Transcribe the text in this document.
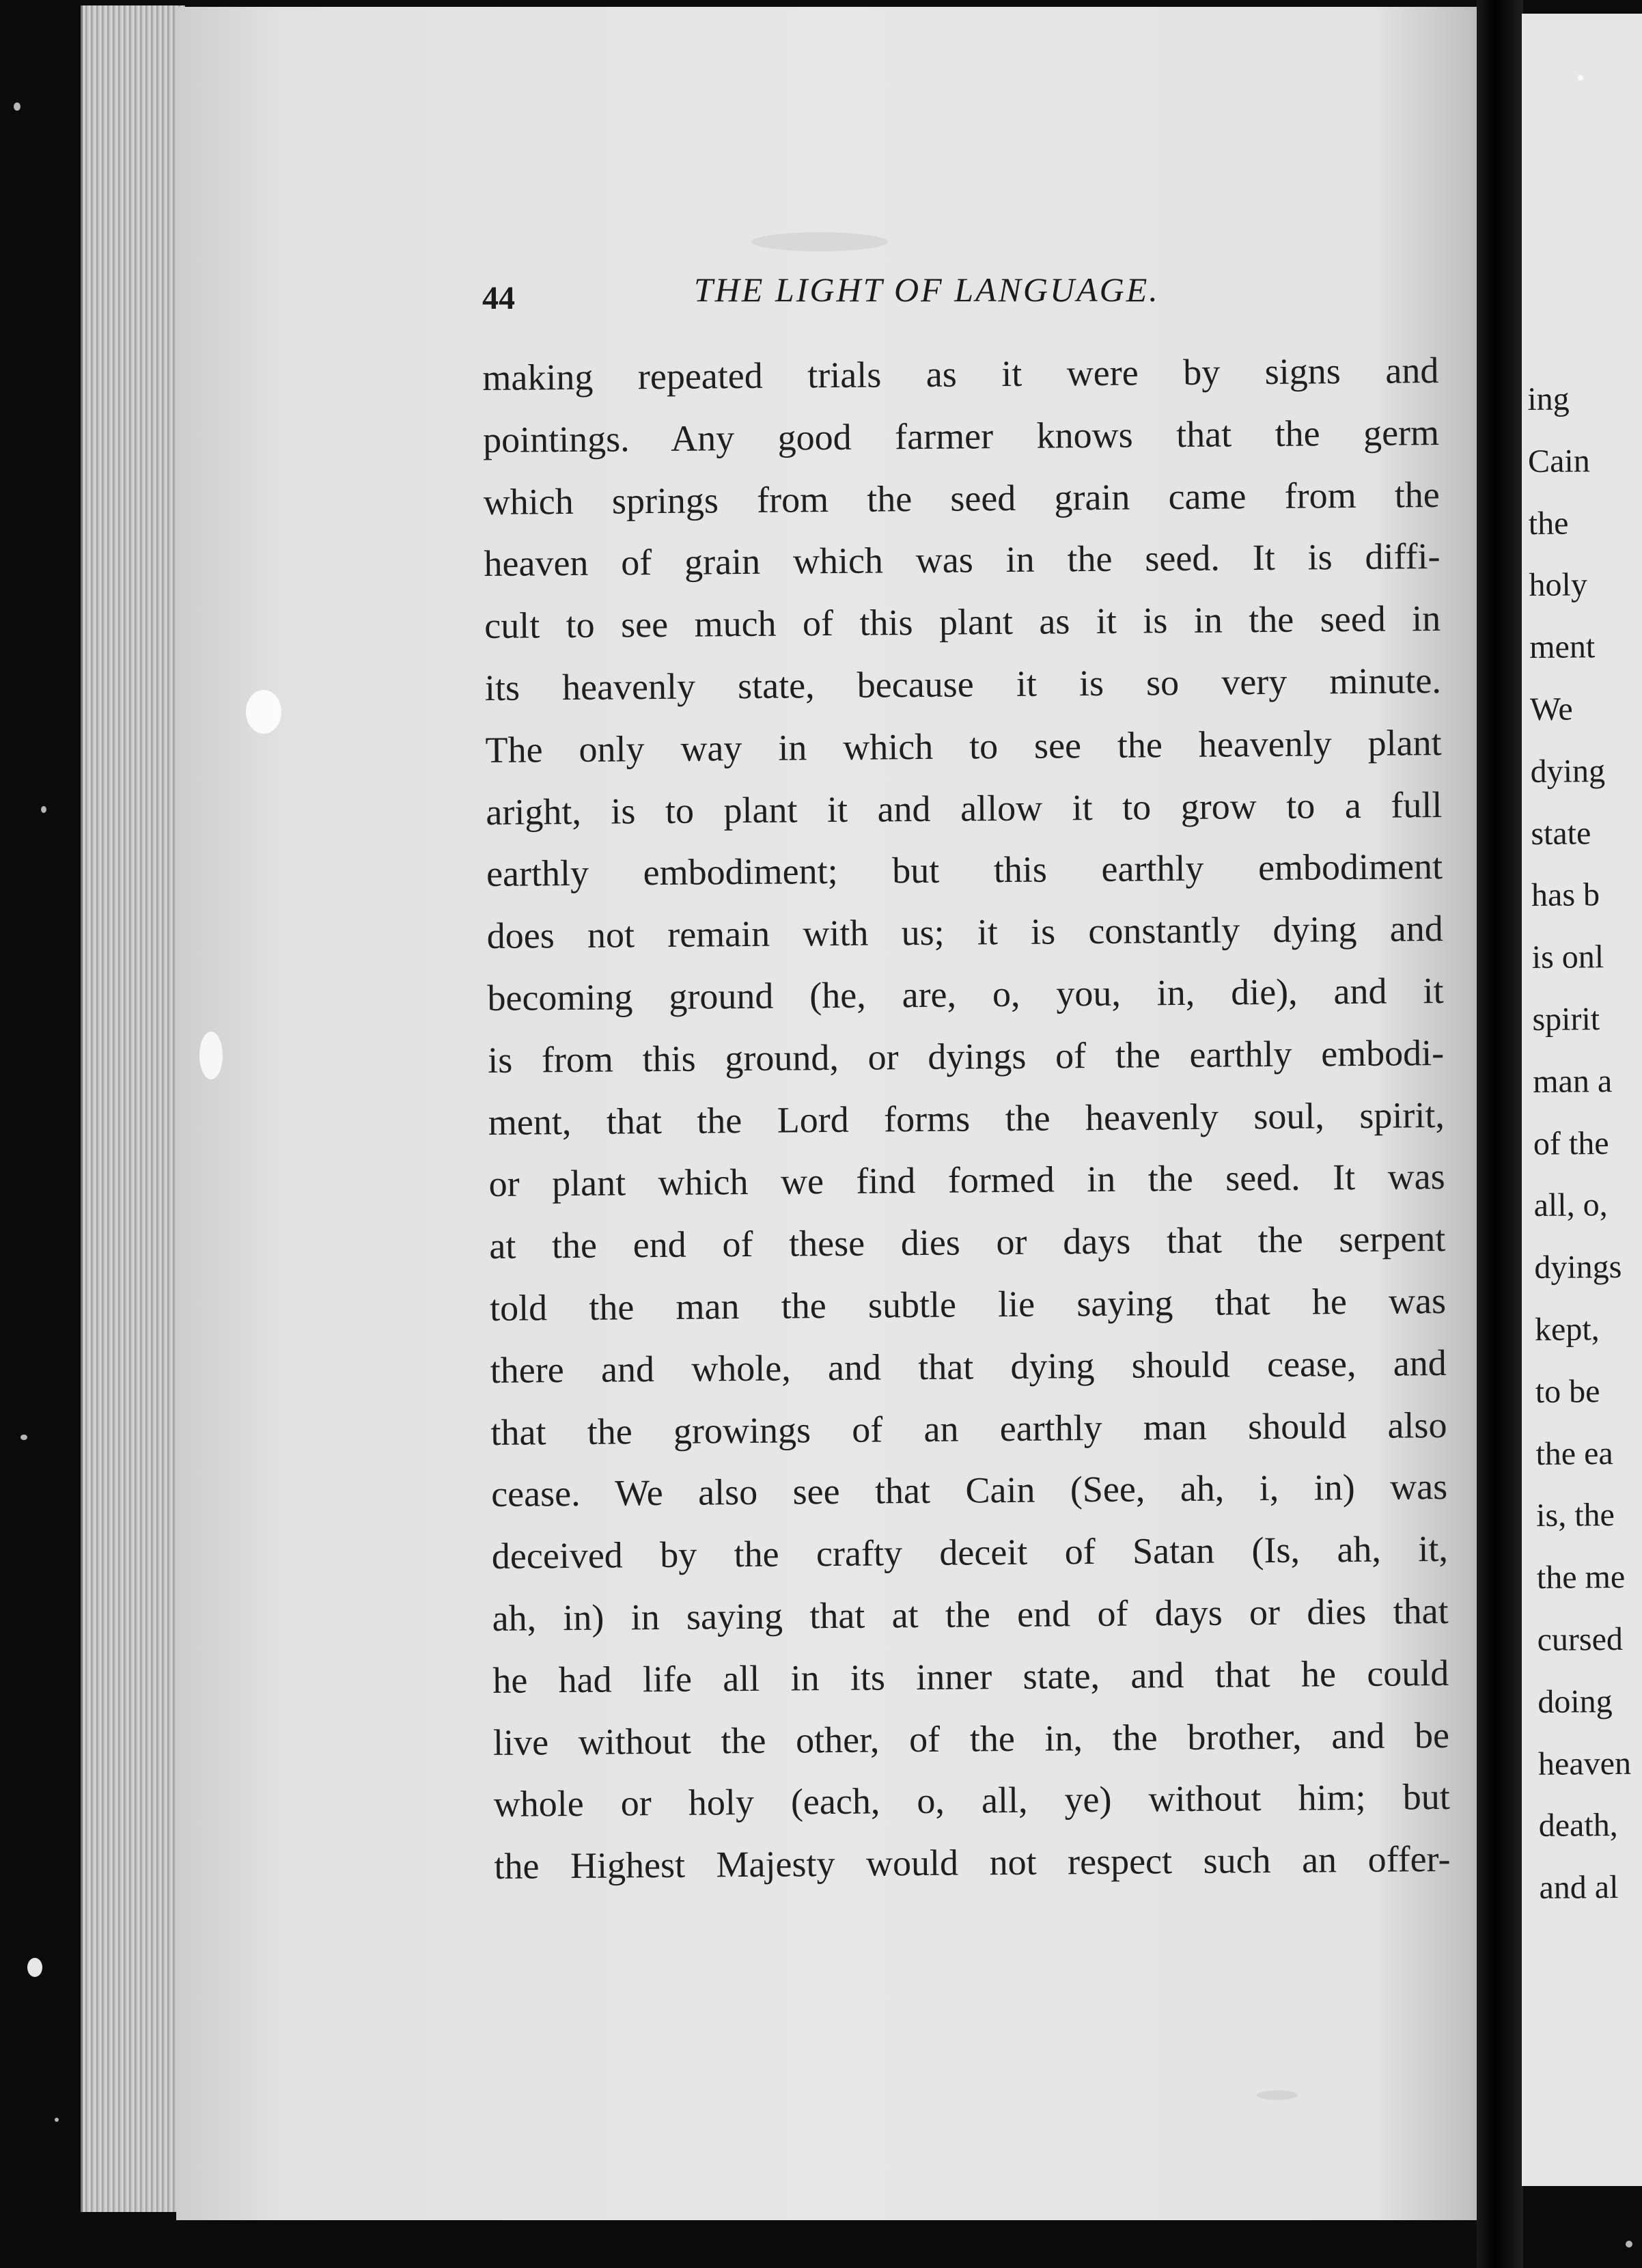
44	THE LIGHT OF LANGUAGE.
making repeated trials as it were by signs and
pointings. Any good farmer knows that the germ
which springs from the seed grain came from the
heaven of grain which was in the seed. It is diffi-
cult to see much of this plant as it is in the seed in
its heavenly state, because it is so very minute.
The only way in which to see the heavenly plant
aright, is to plant it and allow it to grow to a full
earthly embodiment; but this earthly embodiment
does not remain with us; it is constantly dying and
becoming ground (he, are, o, you, in, die), and it
is from this ground, or dyings of the earthly embodi-
ment, that the Lord forms the heavenly soul, spirit,
or plant which we find formed in the seed. It was
at the end of these dies or days that the serpent
told the man the subtle lie saying that he was
there and whole, and that dying should cease, and
that the growings of an earthly man should also
cease. We also see that Cain (See, ah, i, in) was
deceived by the crafty deceit of Satan (Is, ah, it,
ah, in) in saying that at the end of days or dies that
he had life all in its inner state, and that he could
live without the other, of the in, the brother, and be
whole or holy (each, o, all, ye) without him; but
the Highest Majesty would not respect such an offer-
ing
Cain
the
holy
ment
We
dying
state
has b
is onl
spirit
man a
of the
all, o,
dyings
kept,
to be
the ea
is, the
the me
cursed
doing
heaven
death,
and al
